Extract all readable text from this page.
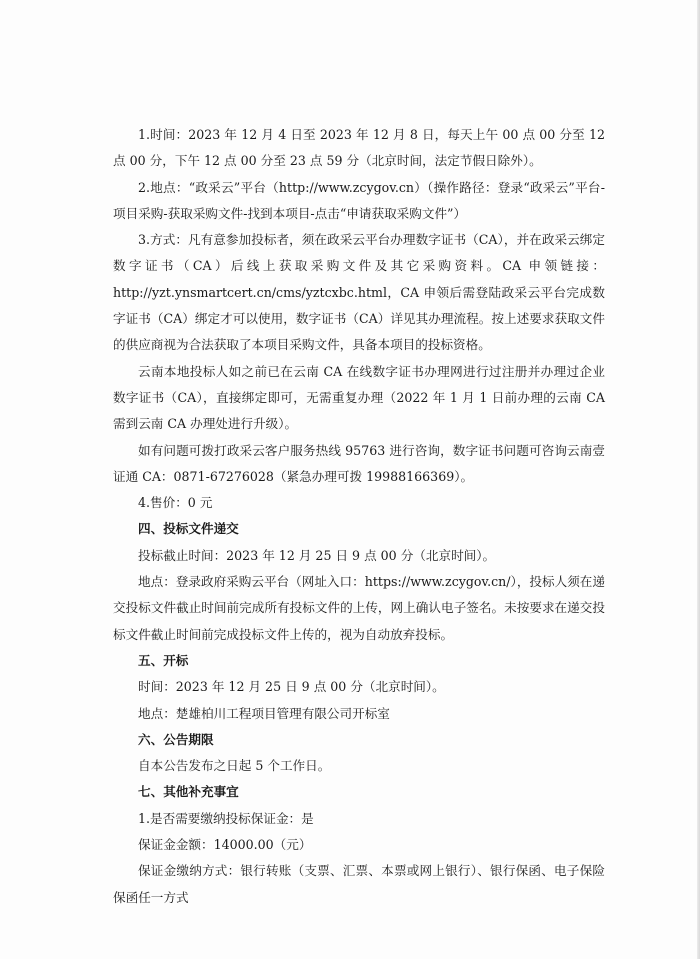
1.时间：2023 年 12 月 4 日至 2023 年 12 月 8 日，每天上午 00 点 00 分至 12 点 00 分，下午 12 点 00 分至 23 点 59 分（北京时间，法定节假日除外）。

2.地点：“政采云”平台（http://www.zcygov.cn）（操作路径：登录“政采云”平台-项目采购-获取采购文件-找到本项目-点击“申请获取采购文件”）

3.方式：凡有意参加投标者，须在政采云平台办理数字证书（CA），并在政采云绑定数字证书（CA）后线上获取采购文件及其它采购资料。CA 申领链接：http://yzt.ynsmartcert.cn/cms/yztcxbc.html，CA 申领后需登陆政采云平台完成数字证书（CA）绑定才可以使用，数字证书（CA）详见其办理流程。按上述要求获取文件的供应商视为合法获取了本项目采购文件，具备本项目的投标资格。

云南本地投标人如之前已在云南 CA 在线数字证书办理网进行过注册并办理过企业数字证书（CA），直接绑定即可，无需重复办理（2022 年 1 月 1 日前办理的云南 CA 需到云南 CA 办理处进行升级）。

如有问题可拨打政采云客户服务热线 95763 进行咨询，数字证书问题可咨询云南壹证通 CA：0871-67276028（紧急办理可拨 19988166369）。

4.售价：0 元

四、投标文件递交

投标截止时间：2023 年 12 月 25 日 9 点 00 分（北京时间）。

地点：登录政府采购云平台（网址入口：https://www.zcygov.cn/），投标人须在递交投标文件截止时间前完成所有投标文件的上传，网上确认电子签名。未按要求在递交投标文件截止时间前完成投标文件上传的，视为自动放弃投标。

五、开标

时间：2023 年 12 月 25 日 9 点 00 分（北京时间）。

地点：楚雄柏川工程项目管理有限公司开标室

六、公告期限

自本公告发布之日起 5 个工作日。

七、其他补充事宜

1.是否需要缴纳投标保证金：是

保证金金额：14000.00（元）

保证金缴纳方式：银行转账（支票、汇票、本票或网上银行）、银行保函、电子保险保函任一方式
